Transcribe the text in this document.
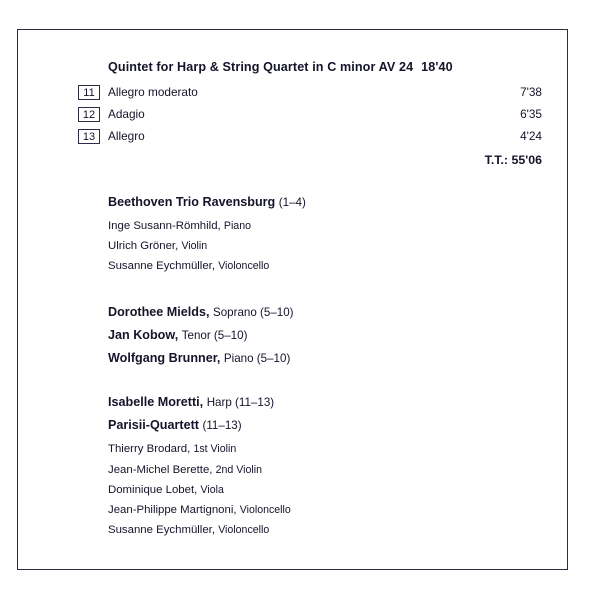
Quintet for Harp & String Quartet in C minor AV 24 18'40
11	Allegro moderato	7'38
12	Adagio	6'35
13	Allegro	4'24
T.T.: 55'06
Beethoven Trio Ravensburg (1–4)
Inge Susann-Römhild, Piano
Ulrich Gröner, Violin
Susanne Eychmüller, Violoncello
Dorothee Mields, Soprano (5–10)
Jan Kobow, Tenor (5–10)
Wolfgang Brunner, Piano (5–10)
Isabelle Moretti, Harp (11–13)
Parisii-Quartett (11–13)
Thierry Brodard, 1st Violin
Jean-Michel Berette, 2nd Violin
Dominique Lobet, Viola
Jean-Philippe Martignoni, Violoncello
Susanne Eychmüller, Violoncello
